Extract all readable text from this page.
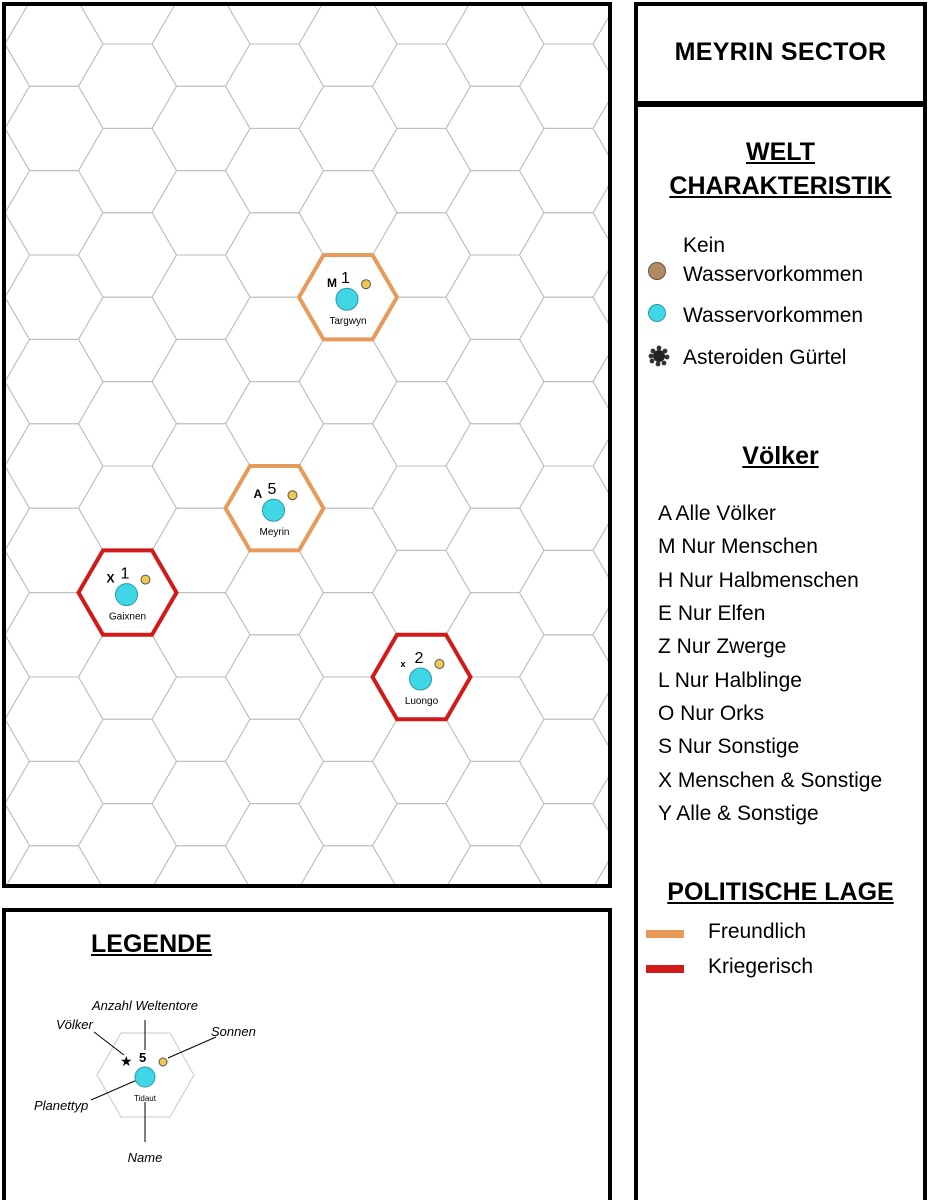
M 1
Targwyn
A 5
Meyrin
X 1
Gaixnen
x 2
Luongo
LEGENDE
★ 5
Tidaut
Anzahl Weltentore
Völker	Sonnen
Planettyp
Name
MEYRIN SECTOR
WELT
CHARAKTERISTIK
Kein
Wasservorkommen
Wasservorkommen
Asteroiden Gürtel
Völker
A Alle Völker
M Nur Menschen
H Nur Halbmenschen
E Nur Elfen
Z Nur Zwerge
L Nur Halblinge
O Nur Orks
S Nur Sonstige
X Menschen & Sonstige
Y Alle & Sonstige
POLITISCHE LAGE
Freundlich
Kriegerisch
